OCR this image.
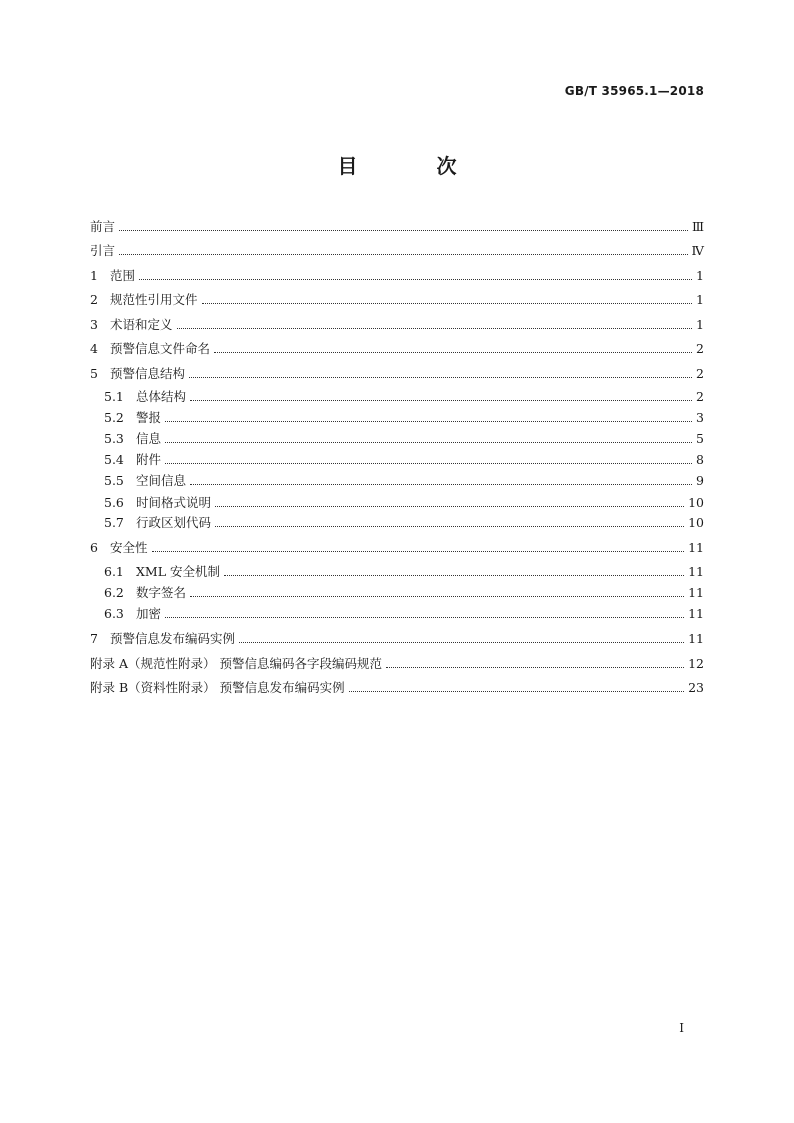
GB/T 35965.1—2018
目 次
前言	Ⅲ
引言	Ⅳ
1 范围	1
2 规范性引用文件	1
3 术语和定义	1
4 预警信息文件命名	2
5 预警信息结构	2
5.1 总体结构	2
5.2 警报	3
5.3 信息	5
5.4 附件	8
5.5 空间信息	9
5.6 时间格式说明	10
5.7 行政区划代码	10
6 安全性	11
6.1 XML 安全机制	11
6.2 数字签名	11
6.3 加密	11
7 预警信息发布编码实例	11
附录 A（规范性附录） 预警信息编码各字段编码规范	12
附录 B（资料性附录） 预警信息发布编码实例	23
I
